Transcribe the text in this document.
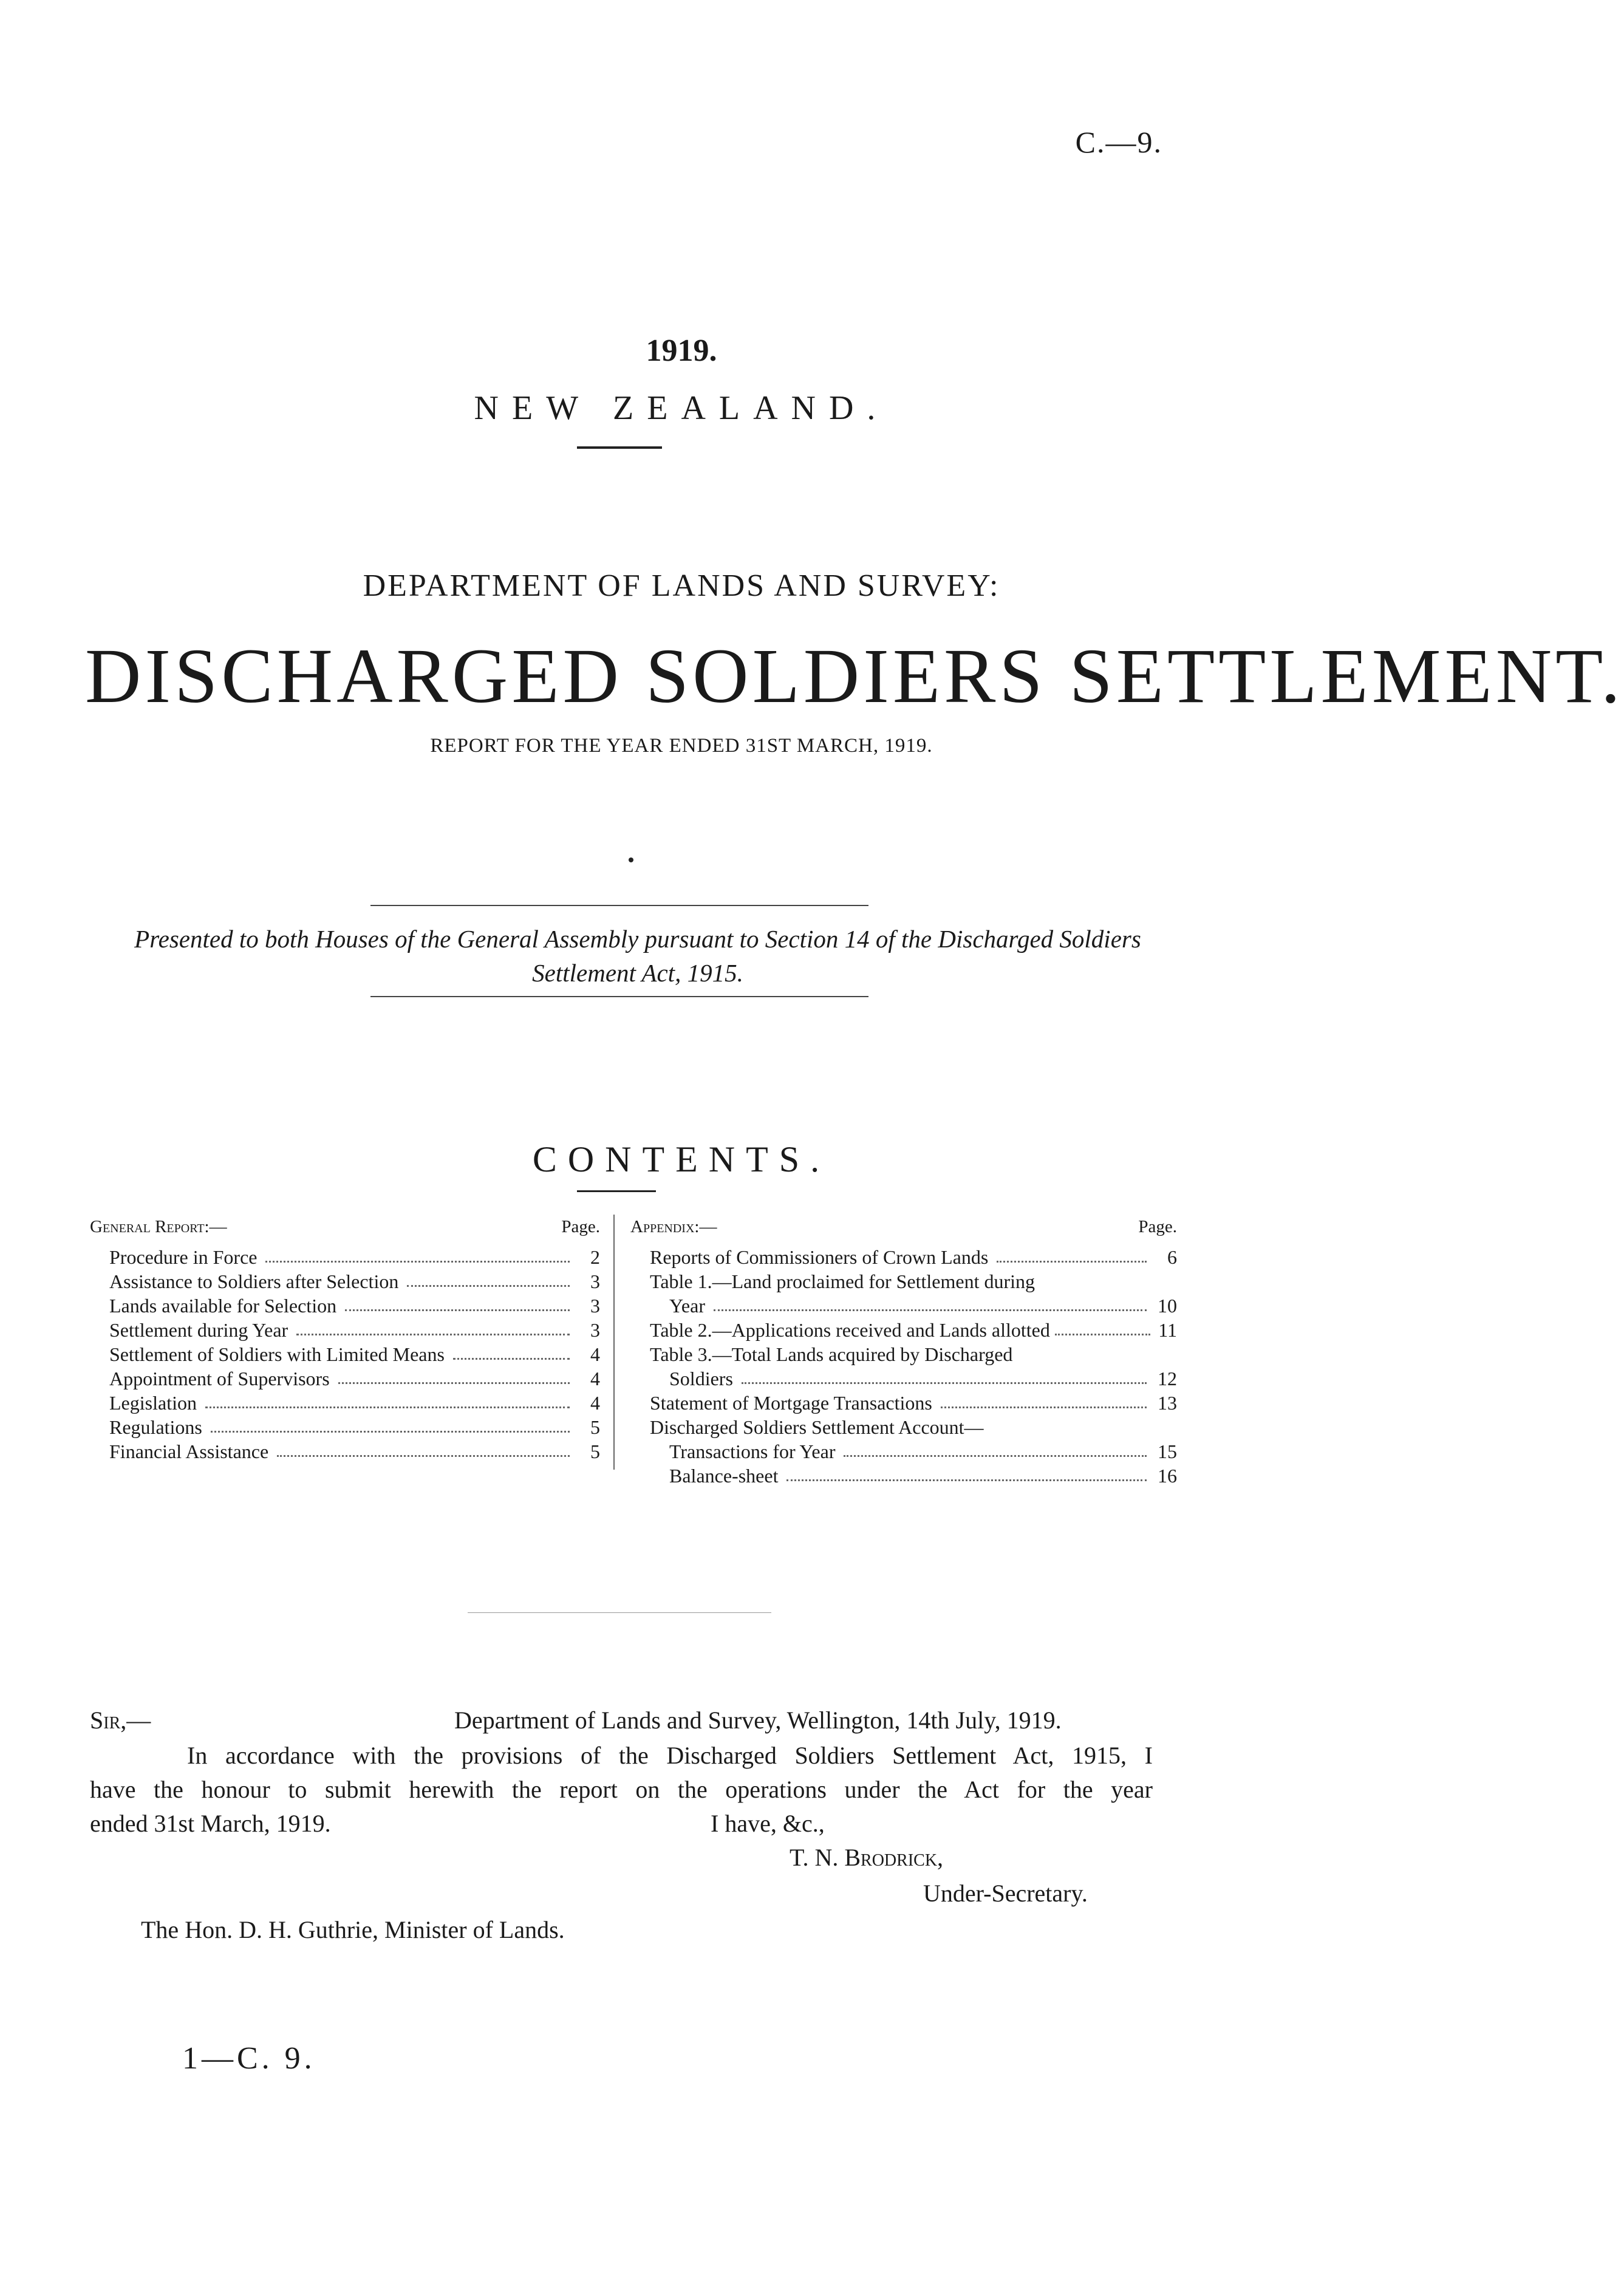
C.—9.
1919.
NEW ZEALAND.
DEPARTMENT OF LANDS AND SURVEY:
DISCHARGED SOLDIERS SETTLEMENT.
REPORT FOR THE YEAR ENDED 31ST MARCH, 1919.
Presented to both Houses of the General Assembly pursuant to Section 14 of the Discharged Soldiers
Settlement Act, 1915.
CONTENTS.
General Report:—	Page.
Procedure in Force	2
Assistance to Soldiers after Selection	3
Lands available for Selection	3
Settlement during Year	3
Settlement of Soldiers with Limited Means	4
Appointment of Supervisors	4
Legislation	4
Regulations	5
Financial Assistance	5
Appendix:—	Page.
Reports of Commissioners of Crown Lands	6
Table 1.—Land proclaimed for Settlement during
Year	10
Table 2.—Applications received and Lands allotted	11
Table 3.—Total Lands acquired by Discharged
Soldiers	12
Statement of Mortgage Transactions	13
Discharged Soldiers Settlement Account—
Transactions for Year	15
Balance-sheet	16
Sir,—	Department of Lands and Survey, Wellington, 14th July, 1919.
In accordance with the provisions of the Discharged Soldiers Settlement Act, 1915, I
have the honour to submit herewith the report on the operations under the Act for the year
ended 31st March, 1919.	I have, &c.,
T. N. Brodrick,
Under-Secretary.
The Hon. D. H. Guthrie, Minister of Lands.
1—C. 9.
